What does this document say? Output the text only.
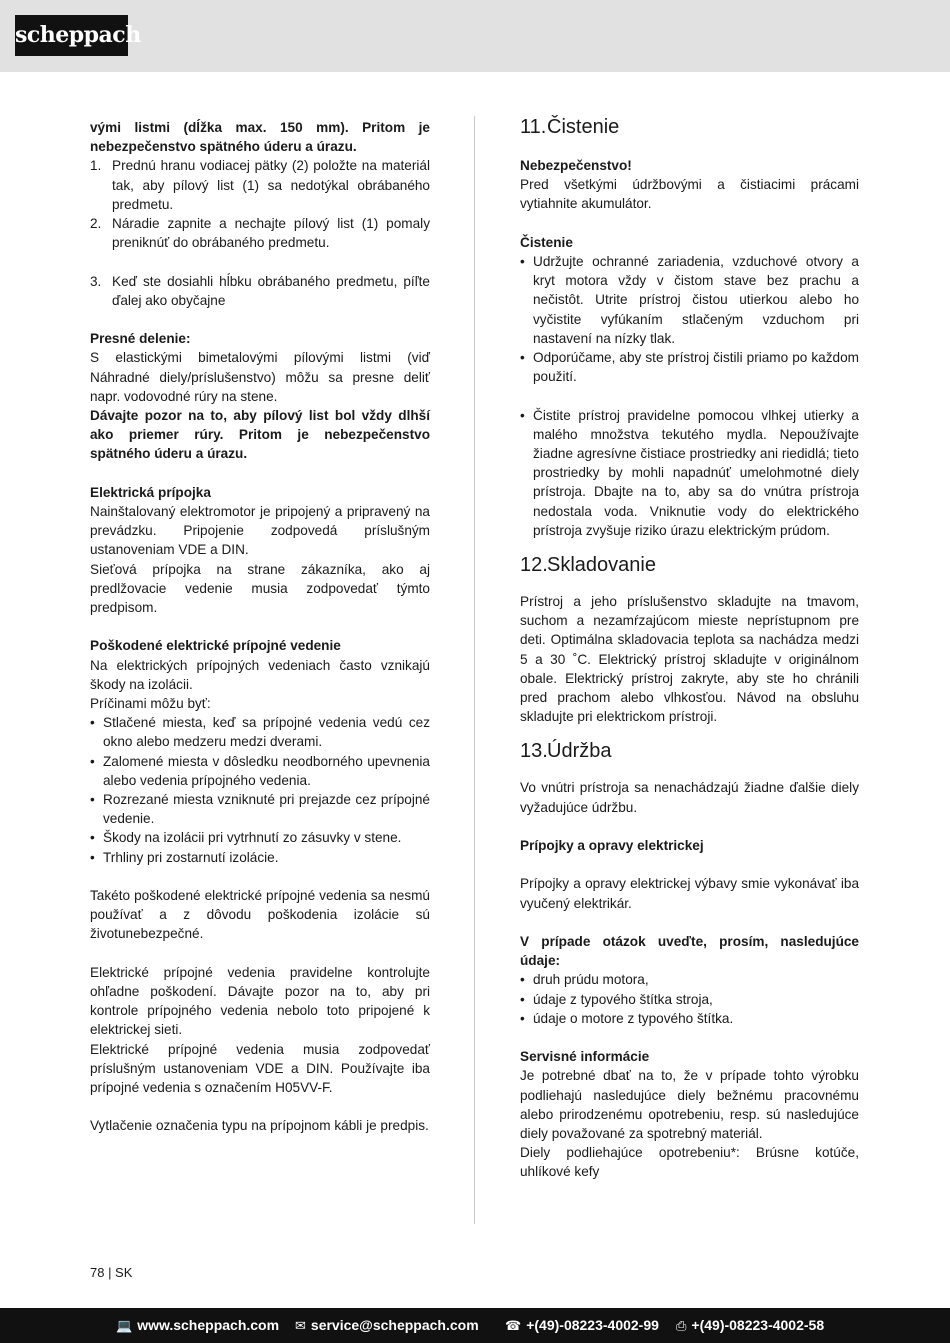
scheppach

vými listmi (dĺžka max. 150 mm). Pritom je nebezpečenstvo spätného úderu a úrazu.

1. Prednú hranu vodiacej pätky (2) položte na materiál tak, aby pílový list (1) sa nedotýkal obrábaného predmetu.
2. Náradie zapnite a nechajte pílový list (1) pomaly preniknúť do obrábaného predmetu.
3. Keď ste dosiahli hĺbku obrábaného predmetu, píľte ďalej ako obyčajne

Presné delenie:

S elastickými bimetalovými pílovými listmi (viď Náhradné diely/príslušenstvo) môžu sa presne deliť napr. vodovodné rúry na stene.

Dávajte pozor na to, aby pílový list bol vždy dlhší ako priemer rúry. Pritom je nebezpečenstvo spätného úderu a úrazu.

Elektrická prípojka

Nainštalovaný elektromotor je pripojený a pripravený na prevádzku. Pripojenie zodpovedá príslušným ustanoveniam VDE a DIN.

Sieťová prípojka na strane zákazníka, ako aj predlžovacie vedenie musia zodpovedať týmto predpisom.

Poškodené elektrické prípojné vedenie

Na elektrických prípojných vedeniach často vznikajú škody na izolácii.

Príčinami môžu byť:

• Stlačené miesta, keď sa prípojné vedenia vedú cez okno alebo medzeru medzi dverami.
• Zalomené miesta v dôsledku neodborného upevnenia alebo vedenia prípojného vedenia.
• Rozrezané miesta vzniknuté pri prejazde cez prípojné vedenie.
• Škody na izolácii pri vytrhnutí zo zásuvky v stene.
• Trhliny pri zostarnutí izolácie.

Takéto poškodené elektrické prípojné vedenia sa nesmú používať a z dôvodu poškodenia izolácie sú životunebezpečné.

Elektrické prípojné vedenia pravidelne kontrolujte ohľadne poškodení. Dávajte pozor na to, aby pri kontrole prípojného vedenia nebolo toto pripojené k elektrickej sieti.

Elektrické prípojné vedenia musia zodpovedať príslušným ustanoveniam VDE a DIN. Používajte iba prípojné vedenia s označením H05VV-F.

Vytlačenie označenia typu na prípojnom kábli je predpis.

11.Čistenie

Nebezpečenstvo!

Pred všetkými údržbovými a čistiacimi prácami vytiahnite akumulátor.

Čistenie

• Udržujte ochranné zariadenia, vzduchové otvory a kryt motora vždy v čistom stave bez prachu a nečistôt. Utrite prístroj čistou utierkou alebo ho vyčistite vyfúkaním stlačeným vzduchom pri nastavení na nízky tlak.
• Odporúčame, aby ste prístroj čistili priamo po každom použití.
• Čistite prístroj pravidelne pomocou vlhkej utierky a malého množstva tekutého mydla. Nepoužívajte žiadne agresívne čistiace prostriedky ani riedidlá; tieto prostriedky by mohli napadnúť umelohmotné diely prístroja. Dbajte na to, aby sa do vnútra prístroja nedostala voda. Vniknutie vody do elektrického prístroja zvyšuje riziko úrazu elektrickým prúdom.
12.Skladovanie

Prístroj a jeho príslušenstvo skladujte na tmavom, suchom a nezamŕzajúcom mieste neprístupnom pre deti. Optimálna skladovacia teplota sa nachádza medzi 5 a 30 ˚C. Elektrický prístroj skladujte v originálnom obale. Elektrický prístroj zakryte, aby ste ho chránili pred prachom alebo vlhkosťou. Návod na obsluhu skladujte pri elektrickom prístroji.

13.Údržba

Vo vnútri prístroja sa nenachádzajú žiadne ďalšie diely vyžadujúce údržbu.

Prípojky a opravy elektrickej

Prípojky a opravy elektrickej výbavy smie vykonávať iba vyučený elektrikár.

V prípade otázok uveďte, prosím, nasledujúce údaje:

• druh prúdu motora,
• údaje z typového štítka stroja,
• údaje o motore z typového štítka.

Servisné informácie

Je potrebné dbať na to, že v prípade tohto výrobku podliehajú nasledujúce diely bežnému pracovnému alebo prirodzenému opotrebeniu, resp. sú nasledujúce diely považované za spotrebný materiál.

Diely podliehajúce opotrebeniu*: Brúsne kotúče, uhlíkové kefy

78 | SK
💻 www.scheppach.com ✉ service@scheppach.com ☎ +(49)-08223-4002-99 ⎙ +(49)-08223-4002-58
